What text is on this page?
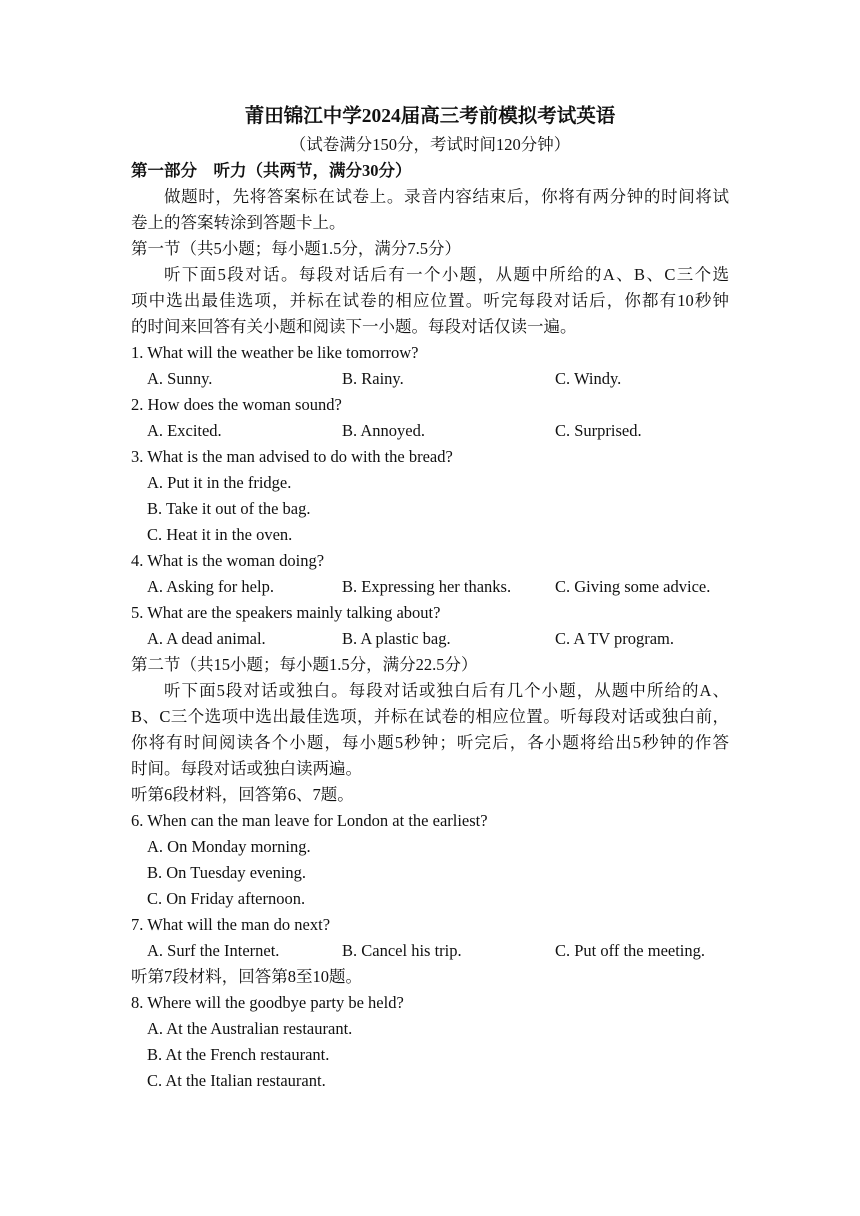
莆田锦江中学2024届高三考前模拟考试英语
（试卷满分150分，考试时间120分钟）
第一部分　听力（共两节，满分30分）
做题时，先将答案标在试卷上。录音内容结束后，你将有两分钟的时间将试
卷上的答案转涂到答题卡上。
第一节（共5小题；每小题1.5分，满分7.5分）
听下面5段对话。每段对话后有一个小题，从题中所给的A、B、C三个选
项中选出最佳选项，并标在试卷的相应位置。听完每段对话后，你都有10秒钟
的时间来回答有关小题和阅读下一小题。每段对话仅读一遍。
1. What will the weather be like tomorrow?
A. Sunny.	B. Rainy.	C. Windy.
2. How does the woman sound?
A. Excited.	B. Annoyed.	C. Surprised.
3. What is the man advised to do with the bread?
A. Put it in the fridge.
B. Take it out of the bag.
C. Heat it in the oven.
4. What is the woman doing?
A. Asking for help.	B. Expressing her thanks.	C. Giving some advice.
5. What are the speakers mainly talking about?
A. A dead animal.	B. A plastic bag.	C. A TV program.
第二节（共15小题；每小题1.5分，满分22.5分）
听下面5段对话或独白。每段对话或独白后有几个小题，从题中所给的A、
B、C三个选项中选出最佳选项，并标在试卷的相应位置。听每段对话或独白前，
你将有时间阅读各个小题，每小题5秒钟；听完后，各小题将给出5秒钟的作答
时间。每段对话或独白读两遍。
听第6段材料，回答第6、7题。
6. When can the man leave for London at the earliest?
A. On Monday morning.
B. On Tuesday evening.
C. On Friday afternoon.
7. What will the man do next?
A. Surf the Internet.	B. Cancel his trip.	C. Put off the meeting.
听第7段材料，回答第8至10题。
8. Where will the goodbye party be held?
A. At the Australian restaurant.
B. At the French restaurant.
C. At the Italian restaurant.
